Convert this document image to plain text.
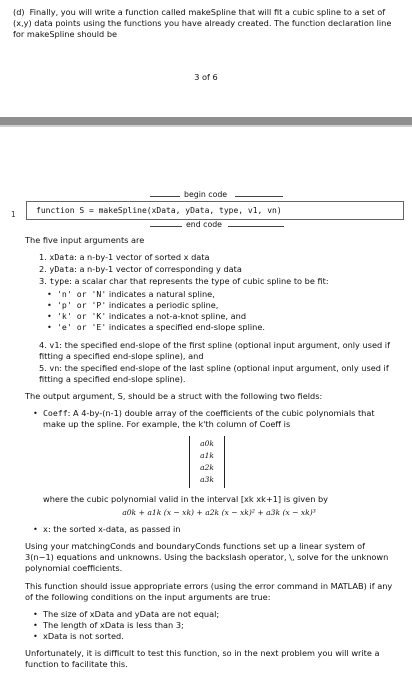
(d) Finally, you will write a function called makeSpline that will fit a cubic spline to a set of (x,y) data points using the functions you have already created. The function declaration line for makeSpline should be
3 of 6
begin code
1	function S = makeSpline(xData, yData, type, v1, vn)
end code

The five input arguments are

1. xData: a n-by-1 vector of sorted x data
2. yData: a n-by-1 vector of corresponding y data
3. type: a scalar char that represents the type of cubic spline to be fit:
• 'n' or 'N' indicates a natural spline,
• 'p' or 'P' indicates a periodic spline,
• 'k' or 'K' indicates a not-a-knot spline, and
• 'e' or 'E' indicates a specified end-slope spline.
4. v1: the specified end-slope of the first spline (optional input argument, only used if fitting a specified end-slope spline), and
5. vn: the specified end-slope of the last spline (optional input argument, only used if fitting a specified end-slope spline).

The output argument, S, should be a struct with the following two fields:

• Coeff: A 4-by-(n-1) double array of the coefficients of the cubic polynomials that make up the spline. For example, the k'th column of Coeff is
a0k
a1k
a2k
a3k
where the cubic polynomial valid in the interval [xk xk+1] is given by
a0k + a1k (x − xk) + a2k (x − xk)² + a3k (x − xk)³
• x: the sorted x-data, as passed in

Using your matchingConds and boundaryConds functions set up a linear system of 3(n−1) equations and unknowns. Using the backslash operator, \, solve for the unknown polynomial coefficients.

This function should issue appropriate errors (using the error command in MATLAB) if any of the following conditions on the input arguments are true:

• The size of xData and yData are not equal;
• The length of xData is less than 3;
• xData is not sorted.

Unfortunately, it is difficult to test this function, so in the next problem you will write a function to facilitate this.
